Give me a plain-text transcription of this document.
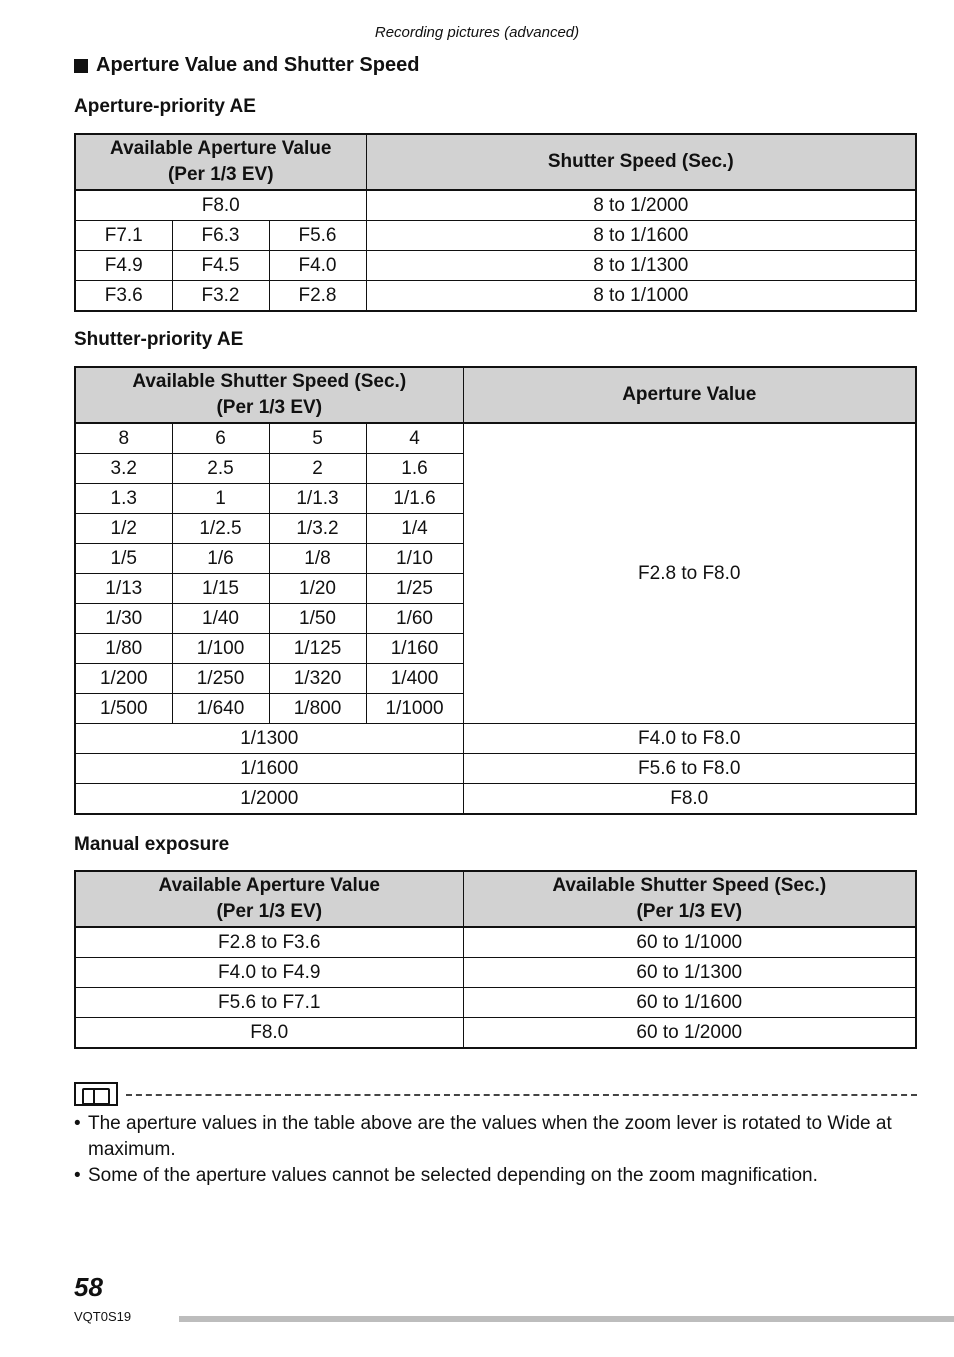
Recording pictures (advanced)
Aperture Value and Shutter Speed
Aperture-priority AE
Available Aperture Value
(Per 1/3 EV)			Shutter Speed (Sec.)
F8.0			8 to 1/2000
F7.1	F6.3	F5.6	8 to 1/1600
F4.9	F4.5	F4.0	8 to 1/1300
F3.6	F3.2	F2.8	8 to 1/1000
Shutter-priority AE
Available Shutter Speed (Sec.)
(Per 1/3 EV)				Aperture Value
8	6	5	4	F2.8 to F8.0
3.2	2.5	2	1.6	
1.3	1	1/1.3	1/1.6	
1/2	1/2.5	1/3.2	1/4	
1/5	1/6	1/8	1/10	
1/13	1/15	1/20	1/25	
1/30	1/40	1/50	1/60	
1/80	1/100	1/125	1/160	
1/200	1/250	1/320	1/400	
1/500	1/640	1/800	1/1000	
1/1300				F4.0 to F8.0
1/1600				F5.6 to F8.0
1/2000				F8.0
Manual exposure
Available Aperture Value
(Per 1/3 EV)	Available Shutter Speed (Sec.)
(Per 1/3 EV)
F2.8 to F3.6	60 to 1/1000
F4.0 to F4.9	60 to 1/1300
F5.6 to F7.1	60 to 1/1600
F8.0	60 to 1/2000
• The aperture values in the table above are the values when the zoom lever is rotated to Wide at maximum.
• Some of the aperture values cannot be selected depending on the zoom magnification.
58
VQT0S19
